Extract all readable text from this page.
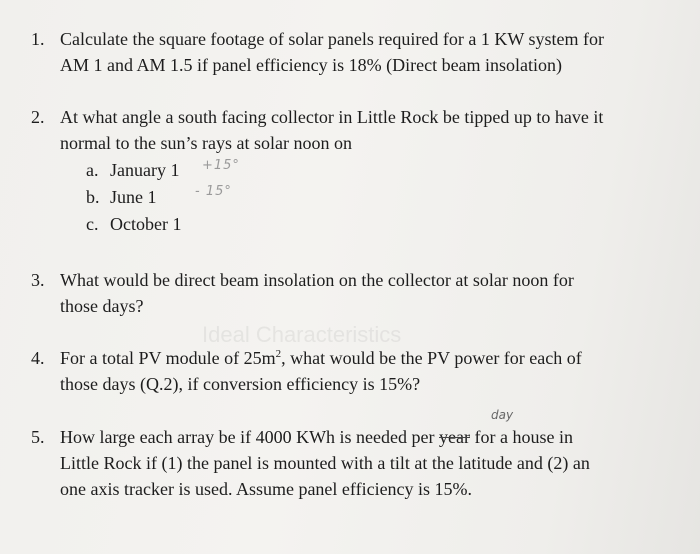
1. Calculate the square footage of solar panels required for a 1 KW system for
AM 1 and AM 1.5 if panel efficiency is 18% (Direct beam insolation)
2. At what angle a south facing collector in Little Rock be tipped up to have it
normal to the sun’s rays at solar noon on
a. January 1 +15°
b. June 1	- 15°
c. October 1
3. What would be direct beam insolation on the collector at solar noon for
those days?
Ideal Characteristics
4. For a total PV module of $25m^2$, what would be the PV power for each of
those days (Q.2), if conversion efficiency is 15%?
5. How large each array be if 4000 KWh is needed per year for a house in
Little Rock if (1) the panel is mounted with a tilt at the latitude and (2) an
one axis tracker is used. Assume panel efficiency is 15%.
day
